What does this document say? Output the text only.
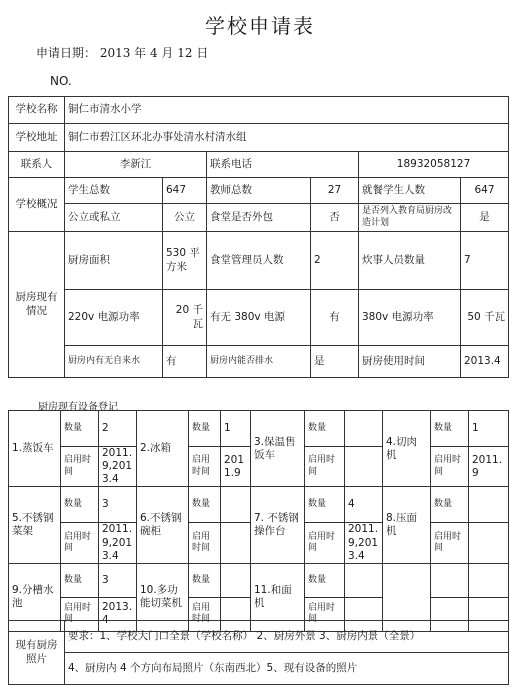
学校申请表
申请日期： 2013 年 4 月 12 日
NO.
学校名称	铜仁市清水小学					
学校地址	铜仁市碧江区环北办事处清水村清水组					
联系人	李新江		联系电话		18932058127	
学校概况	学生总数	647	教师总数	27	就餐学生人数	647
	公立或私立	公立	食堂是否外包	否	是否列入教育局厨房改造计划	是
厨房现有情况	厨房面积	530 平方米	食堂管理员人数	2	炊事人员数量	7
	220v 电源功率	20 千瓦	有无 380v 电源	有	380v 电源功率	50 千瓦
	厨房内有无自来水	有	厨房内能否排水	是	厨房使用时间	2013.4
厨房现有设备登记
1.蒸饭车	数量	2	2.冰箱	数量	1	3.保温售饭车	数量		4.切肉机	数量	1
	启用时间	2011.9,2013.4		启用时间	2011.9		启用时间			启用时间	2011.9
5.不锈钢菜架	数量	3	6.不锈钢碗柜	数量		7. 不锈钢操作台	数量	4	8.压面机	数量	
	启用时间	2011.9,2013.4		启用时间			启用时间	2011.9,2013.4		启用时间	
9.分槽水池	数量	3	10.多功能切菜机	数量		11.和面机	数量				
	启用时间	2013.4		启用时间			启用时间				
现有厨房照片	要求：1、学校大门口全景（学校名称） 2、厨房外景 3、厨房内景（全景）
4、厨房内 4 个方向布局照片（东南西北）5、现有设备的照片
